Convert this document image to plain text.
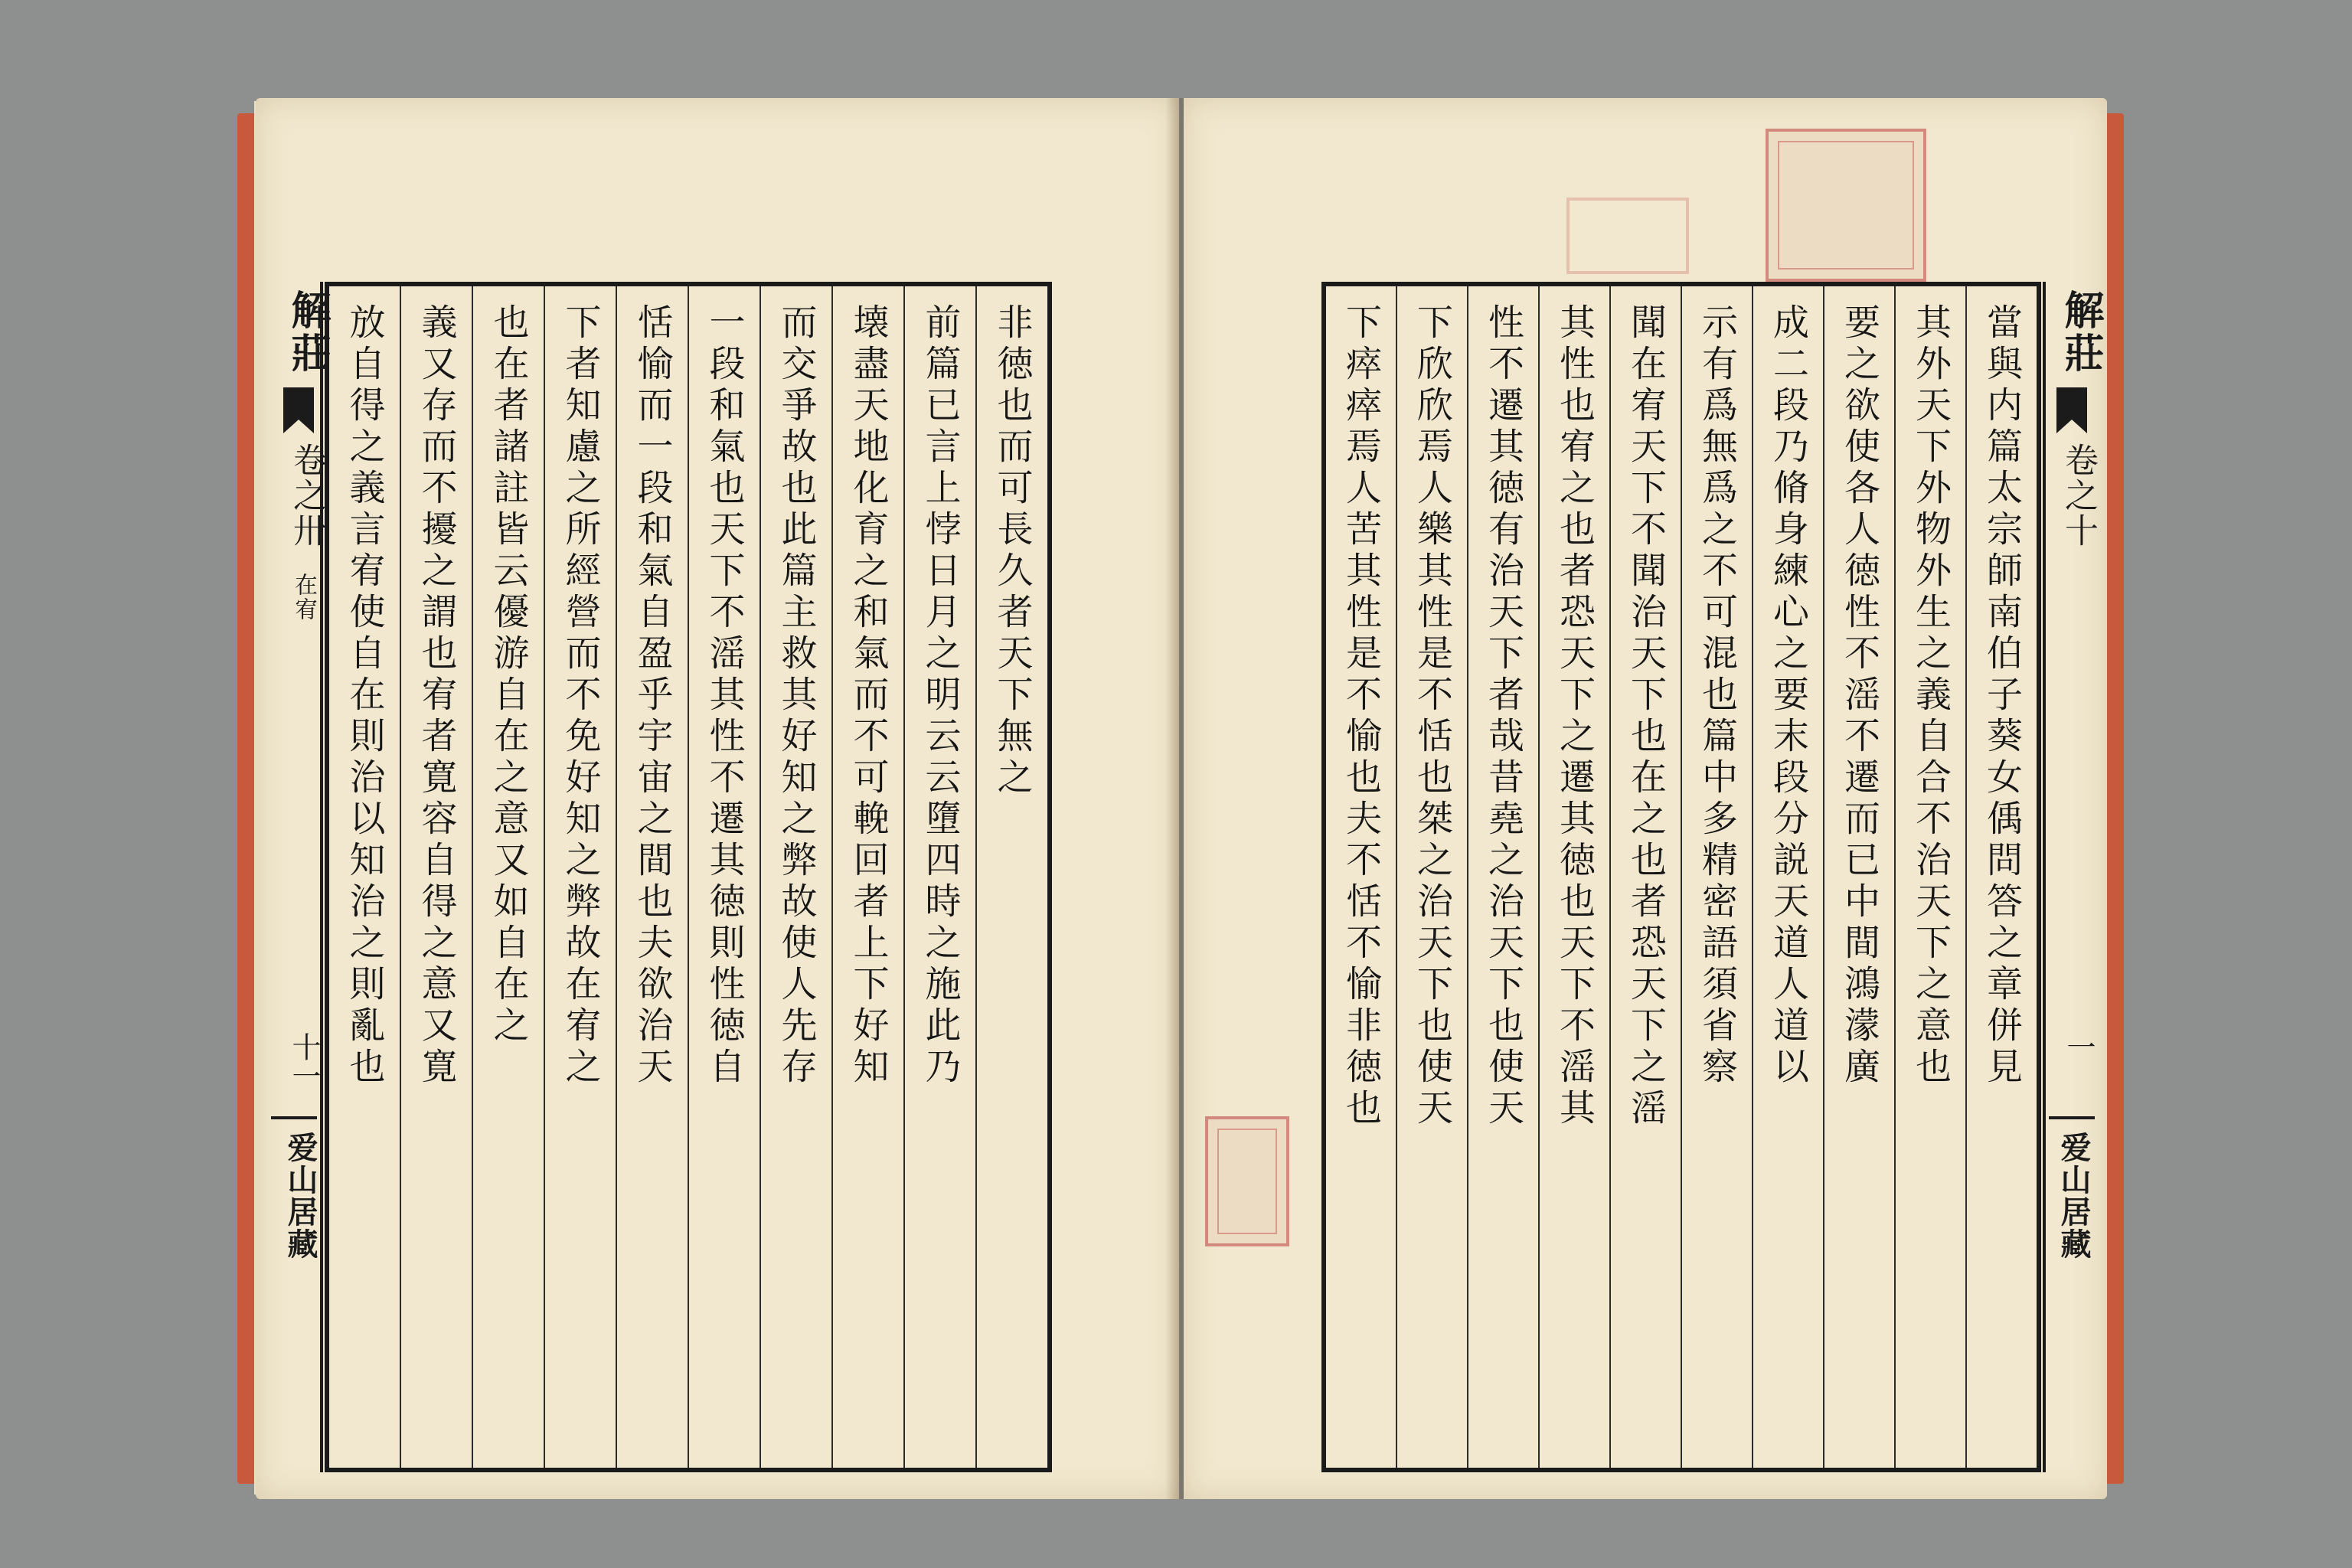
非徳也而可長久者天下無之
前篇已言上悖日月之明云云墮四時之施此乃
壊盡天地化育之和氣而不可輓回者上下好知
而交爭故也此篇主救其好知之弊故使人先存
一段和氣也天下不滛其性不遷其徳則性徳自
恬愉而一段和氣自盈乎宇宙之間也夫欲治天
下者知慮之所經營而不免好知之弊故在宥之
也在者諸註皆云優游自在之意又如自在之
義又存而不擾之謂也宥者寛容自得之意又寛
放自得之義言宥使自在則治以知治之則亂也
解莊
卷之卅
在宥
十一
爱山居藏
當與内篇太宗師南伯子葵女偊問答之章併見
其外天下外物外生之義自合不治天下之意也
要之欲使各人徳性不滛不遷而已中間鴻濛廣
成二段乃脩身練心之要末段分説天道人道以
示有爲無爲之不可混也篇中多精密語須省察
聞在宥天下不聞治天下也在之也者恐天下之滛
其性也宥之也者恐天下之遷其徳也天下不滛其
性不遷其徳有治天下者哉昔堯之治天下也使天
下欣欣焉人樂其性是不恬也桀之治天下也使天
下瘁瘁焉人苦其性是不愉也夫不恬不愉非徳也	解莊
卷之十
一
爱山居藏
